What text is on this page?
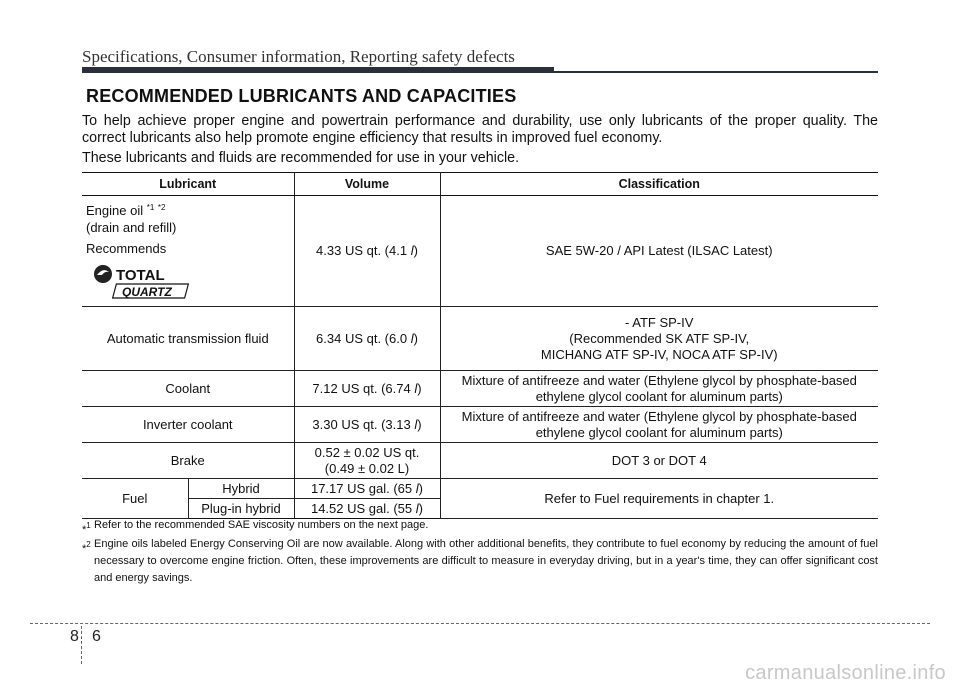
Specifications, Consumer information, Reporting safety defects
RECOMMENDED LUBRICANTS AND CAPACITIES
To help achieve proper engine and powertrain performance and durability, use only lubricants of the proper quality. The correct lubricants also help promote engine efficiency that results in improved fuel economy.
These lubricants and fluids are recommended for use in your vehicle.
Lubricant		Volume	Classification

Engine oil $^{*1}$ $^{*2}$
(drain and refill)
Recommends
TOTAL
QUARTZ		4.33 US qt. (4.1 l)	SAE 5W-20 / API Latest (ILSAC Latest)
Automatic transmission fluid		6.34 US qt. (6.0 l)	- ATF SP-IV
(Recommended SK ATF SP-IV,
MICHANG ATF SP-IV, NOCA ATF SP-IV)

Coolant		7.12 US qt. (6.74 l)	Mixture of antifreeze and water (Ethylene glycol by phosphate-based
ethylene glycol coolant for aluminum parts)

Inverter coolant		3.30 US qt. (3.13 l)	Mixture of antifreeze and water (Ethylene glycol by phosphate-based
ethylene glycol coolant for aluminum parts)

Brake		0.52 ± 0.02 US qt.
(0.49 ± 0.02 L)	DOT 3 or DOT 4
Fuel	Hybrid	17.17 US gal. (65 l)	Refer to Fuel requirements in chapter 1.
	Plug-in hybrid	14.52 US gal. (55 l)	
*$^1$ Refer to the recommended SAE viscosity numbers on the next page.
*$^2$ Engine oils labeled Energy Conserving Oil are now available. Along with other additional benefits, they contribute to fuel economy by reducing the amount of fuel necessary to overcome engine friction. Often, these improvements are difficult to measure in everyday driving, but in a year's time, they can offer significant cost and energy savings.
8 6
carmanualsonline.info
